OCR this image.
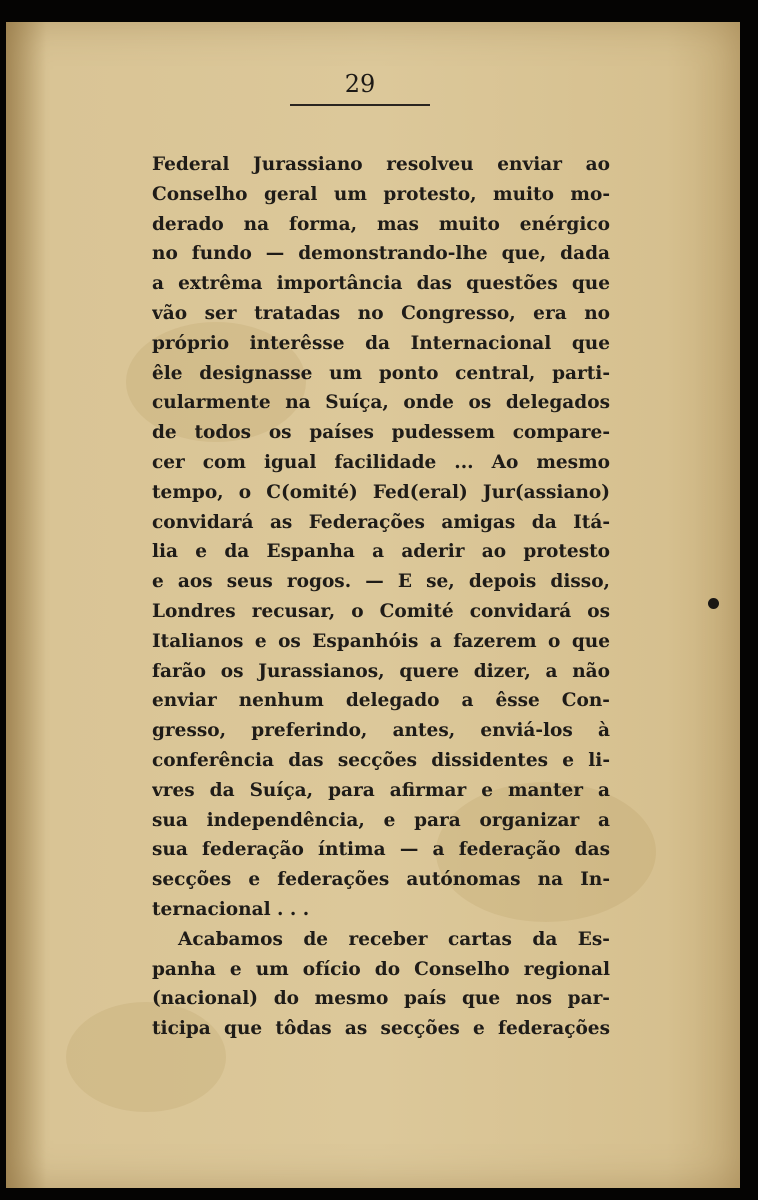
29
Federal Jurassiano resolveu enviar ao
Conselho geral um protesto, muito mo-
derado na forma, mas muito enérgico
no fundo — demonstrando-lhe que, dada
a extrêma importância das questões que
vão ser tratadas no Congresso, era no
próprio interêsse da Internacional que
êle designasse um ponto central, parti-
cularmente na Suíça, onde os delegados
de todos os países pudessem compare-
cer com igual facilidade ... Ao mesmo
tempo, o C(omité) Fed(eral) Jur(assiano)
convidará as Federações amigas da Itá-
lia e da Espanha a aderir ao protesto
e aos seus rogos. — E se, depois disso,
Londres recusar, o Comité convidará os
Italianos e os Espanhóis a fazerem o que
farão os Jurassianos, quere dizer, a não
enviar nenhum delegado a êsse Con-
gresso, preferindo, antes, enviá-los à
conferência das secções dissidentes e li-
vres da Suíça, para afirmar e manter a
sua independência, e para organizar a
sua federação íntima — a federação das
secções e federações autónomas na In-
ternacional . . .
Acabamos de receber cartas da Es-
panha e um ofício do Conselho regional
(nacional) do mesmo país que nos par-
ticipa que tôdas as secções e federações
